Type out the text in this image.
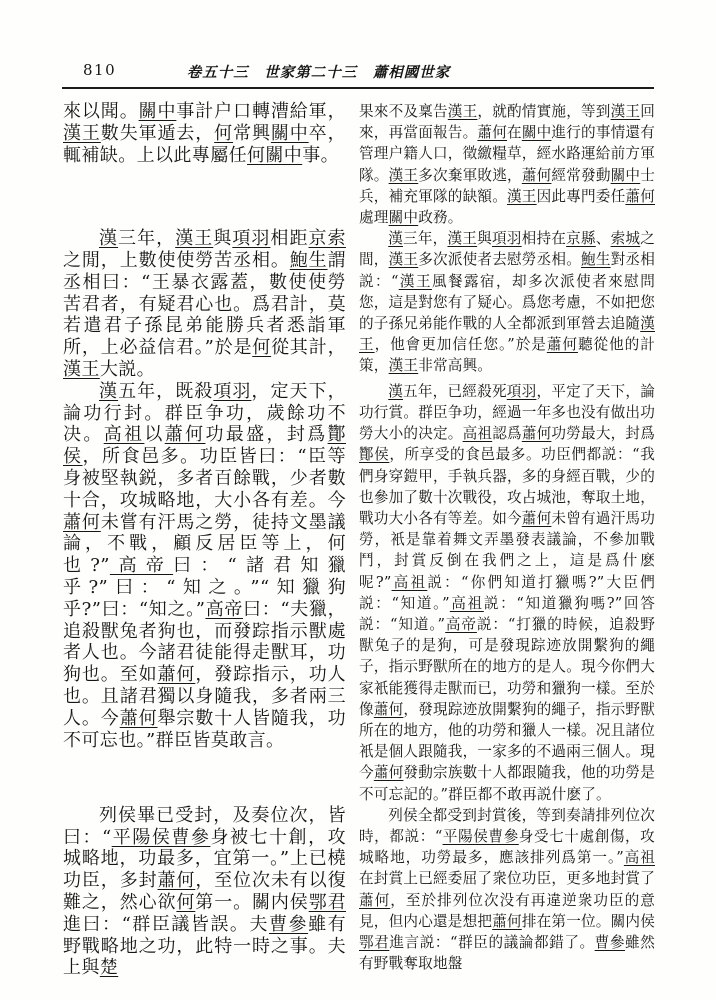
810	卷五十三　世家第二十三　蕭相國世家

來以聞。關中事計户口轉漕給軍，漢王數失軍遁去，何常興關中卒，輒補缺。上以此專屬任何關中事。

果來不及稟告漢王，就酌情實施，等到漢王回來，再當面報告。蕭何在關中進行的事情還有管理户籍人口，徵繳糧草，經水路運給前方軍隊。漢王多次棄軍敗逃，蕭何經常發動關中士兵，補充軍隊的缺額。漢王因此專門委任蕭何處理關中政務。

漢三年，漢王與項羽相距京索之閒，上數使使勞苦丞相。鮑生謂丞相曰：“王暴衣露蓋，數使使勞苦君者，有疑君心也。爲君計，莫若遣君子孫昆弟能勝兵者悉詣軍所，上必益信君。”於是何從其計，漢王大説。

漢三年，漢王與項羽相持在京縣、索城之間，漢王多次派使者去慰勞丞相。鮑生對丞相説：“漢王風餐露宿，却多次派使者來慰問您，這是對您有了疑心。爲您考慮，不如把您的子孫兄弟能作戰的人全都派到軍營去追隨漢王，他會更加信任您。”於是蕭何聽從他的計策，漢王非常高興。

漢五年，既殺項羽，定天下，論功行封。群臣争功，歲餘功不决。高祖以蕭何功最盛，封爲酇侯，所食邑多。功臣皆曰：“臣等身被堅執鋭，多者百餘戰，少者數十合，攻城略地，大小各有差。今蕭何未嘗有汗馬之勞，徒持文墨議論，不戰，顧反居臣等上，何也?”高帝曰：“諸君知獵乎?”曰：“知之。”“知獵狗乎?”曰：“知之。”高帝曰：“夫獵，追殺獸兔者狗也，而發踪指示獸處者人也。今諸君徒能得走獸耳，功狗也。至如蕭何，發踪指示，功人也。且諸君獨以身隨我，多者兩三人。今蕭何舉宗數十人皆隨我，功不可忘也。”群臣皆莫敢言。

漢五年，已經殺死項羽，平定了天下，論功行賞。群臣争功，經過一年多也没有做出功勞大小的决定。高祖認爲蕭何功勞最大，封爲酇侯，所享受的食邑最多。功臣們都説：“我們身穿鎧甲，手執兵器，多的身經百戰，少的也參加了數十次戰役，攻占城池，奪取土地，戰功大小各有等差。如今蕭何未曾有過汗馬功勞，衹是靠着舞文弄墨發表議論，不參加戰鬥，封賞反倒在我們之上，這是爲什麽呢?”高祖説：“你們知道打獵嗎?”大臣們説：“知道。”高祖説：“知道獵狗嗎?”回答説：“知道。”高帝説：“打獵的時候，追殺野獸兔子的是狗，可是發現踪迹放開繫狗的繩子，指示野獸所在的地方的是人。現今你們大家衹能獲得走獸而已，功勞和獵狗一樣。至於像蕭何，發現踪迹放開繫狗的繩子，指示野獸所在的地方，他的功勞和獵人一樣。况且諸位衹是個人跟隨我，一家多的不過兩三個人。現今蕭何發動宗族數十人都跟隨我，他的功勞是不可忘記的。”群臣都不敢再説什麽了。

列侯畢已受封，及奏位次，皆曰：“平陽侯曹參身被七十創，攻城略地，功最多，宜第一。”上已橈功臣，多封蕭何，至位次未有以復難之，然心欲何第一。關内侯鄂君進曰：“群臣議皆誤。夫曹參雖有野戰略地之功，此特一時之事。夫上與楚

列侯全都受到封賞後，等到奏請排列位次時，都説：“平陽侯曹參身受七十處創傷，攻城略地，功勞最多，應該排列爲第一。”高祖在封賞上已經委屈了衆位功臣，更多地封賞了蕭何，至於排列位次没有再違逆衆功臣的意見，但内心還是想把蕭何排在第一位。關内侯鄂君進言説：“群臣的議論都錯了。曹參雖然有野戰奪取地盤
